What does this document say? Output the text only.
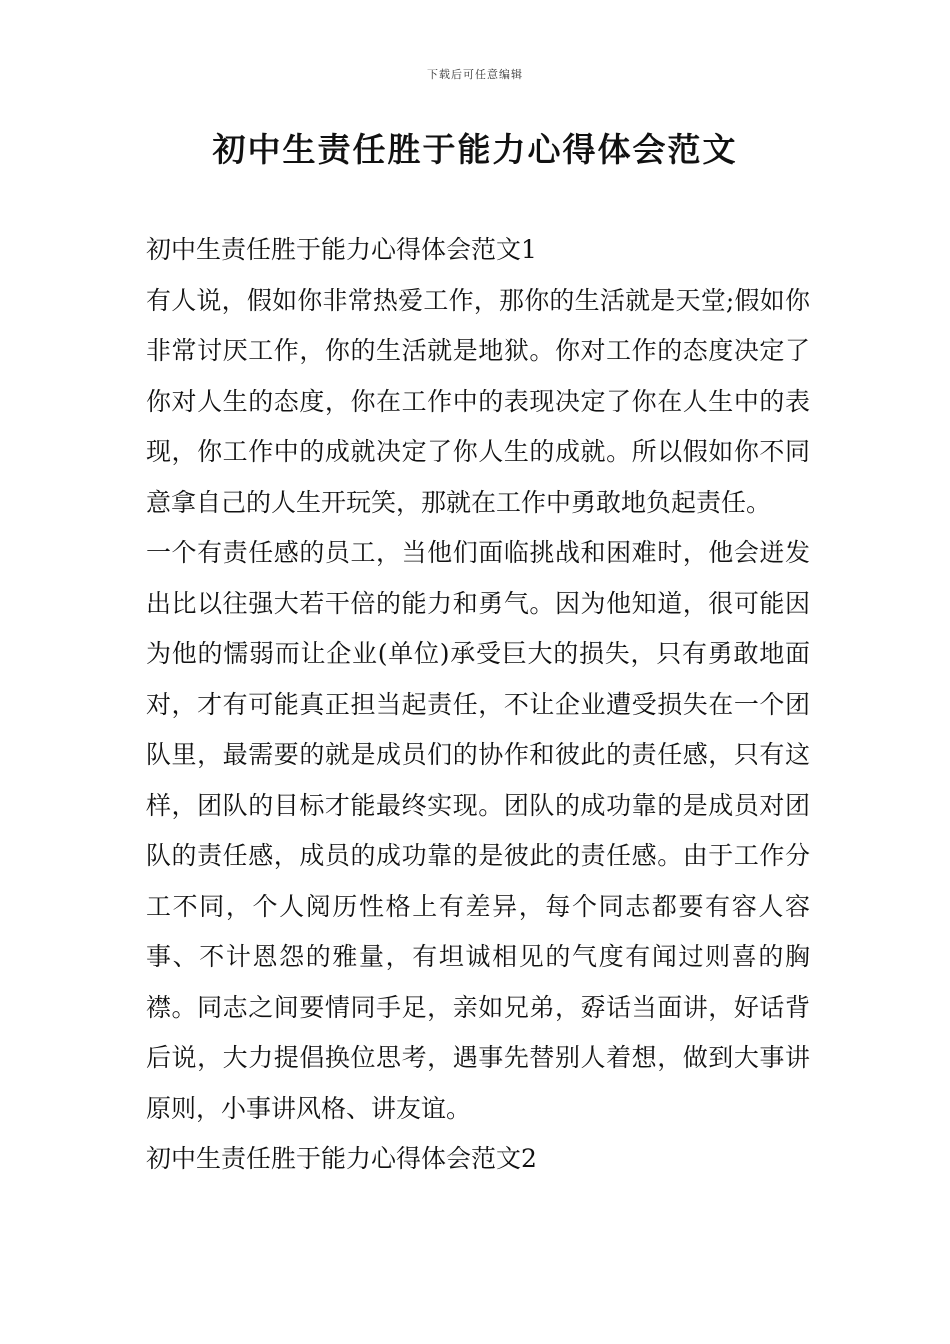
下载后可任意编辑
初中生责任胜于能力心得体会范文

初中生责任胜于能力心得体会范文1

有人说，假如你非常热爱工作，那你的生活就是天堂;假如你非常讨厌工作，你的生活就是地狱。你对工作的态度决定了你对人生的态度，你在工作中的表现决定了你在人生中的表现，你工作中的成就决定了你人生的成就。所以假如你不同意拿自己的人生开玩笑，那就在工作中勇敢地负起责任。

一个有责任感的员工，当他们面临挑战和困难时，他会迸发出比以往强大若干倍的能力和勇气。因为他知道，很可能因为他的懦弱而让企业(单位)承受巨大的损失，只有勇敢地面对，才有可能真正担当起责任，不让企业遭受损失在一个团队里，最需要的就是成员们的协作和彼此的责任感，只有这样，团队的目标才能最终实现。团队的成功靠的是成员对团队的责任感，成员的成功靠的是彼此的责任感。由于工作分工不同，个人阅历性格上有差异，每个同志都要有容人容事、不计恩怨的雅量，有坦诚相见的气度有闻过则喜的胸襟。同志之间要情同手足，亲如兄弟，孬话当面讲，好话背后说，大力提倡换位思考，遇事先替别人着想，做到大事讲原则，小事讲风格、讲友谊。

初中生责任胜于能力心得体会范文2
